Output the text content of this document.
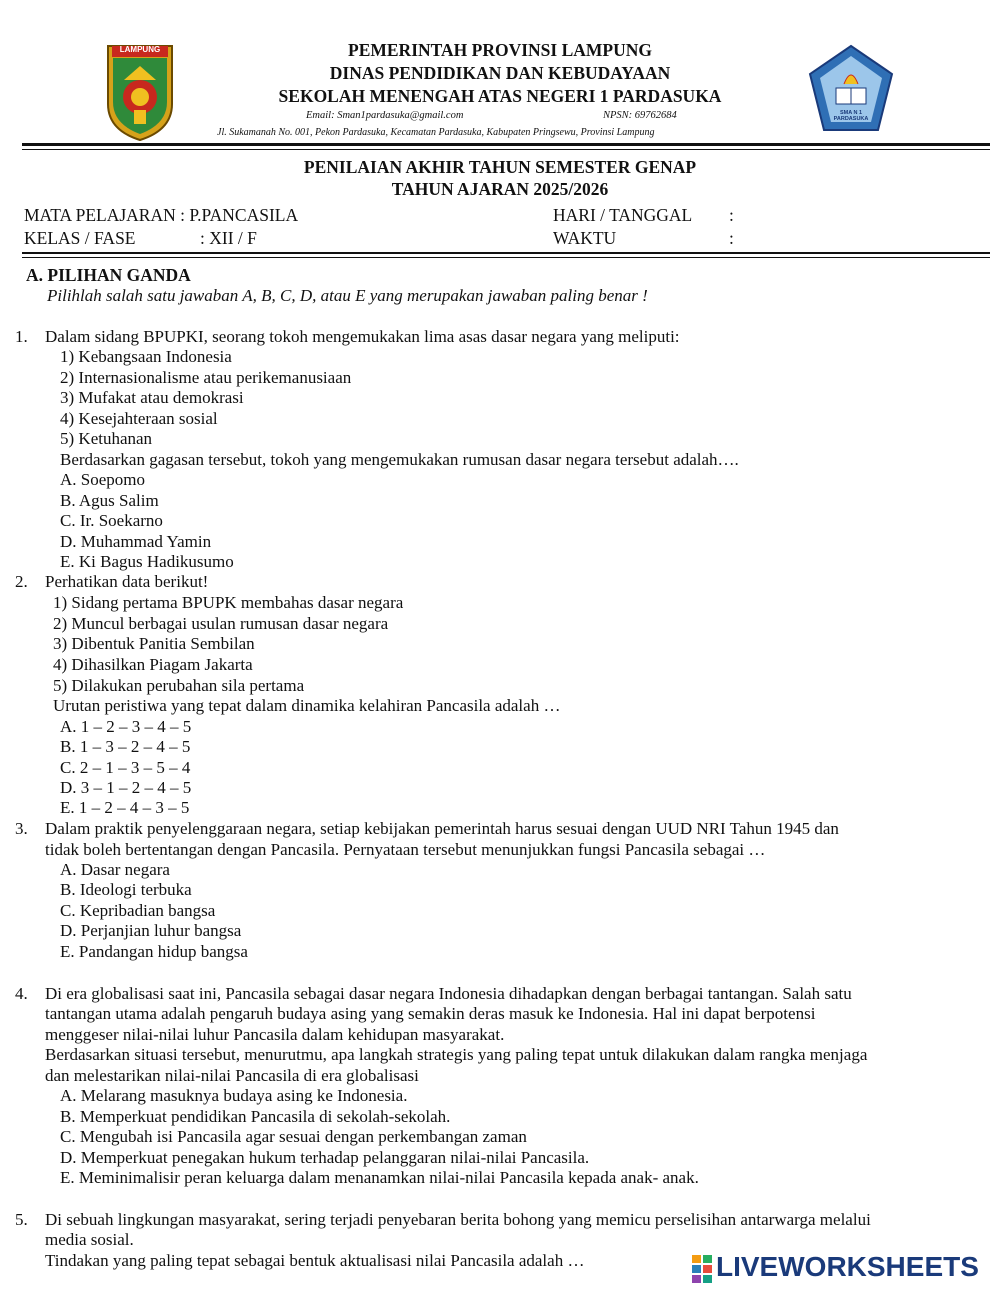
LAMPUNG
SMA N 1 PARDASUKA
PEMERINTAH PROVINSI LAMPUNG
DINAS PENDIDIKAN DAN KEBUDAYAAN
SEKOLAH MENENGAH ATAS NEGERI 1 PARDASUKA
Email: Sman1pardasuka@gmail.com	NPSN: 69762684
Jl. Sukamanah No. 001, Pekon Pardasuka, Kecamatan Pardasuka, Kabupaten Pringsewu, Provinsi Lampung
PENILAIAN AKHIR TAHUN SEMESTER GENAP
TAHUN AJARAN 2025/2026
MATA PELAJARAN : P.PANCASILA
KELAS / FASE	: XII / F
HARI / TANGGAL :
WAKTU	:
A. PILIHAN GANDA
Pilihlah salah satu jawaban A, B, C, D, atau E yang merupakan jawaban paling benar !
1. Dalam sidang BPUPKI, seorang tokoh mengemukakan lima asas dasar negara yang meliputi:
1) Kebangsaan Indonesia
2) Internasionalisme atau perikemanusiaan
3) Mufakat atau demokrasi
4) Kesejahteraan sosial
5) Ketuhanan
Berdasarkan gagasan tersebut, tokoh yang mengemukakan rumusan dasar negara tersebut adalah….
A. Soepomo
B. Agus Salim
C. Ir. Soekarno
D. Muhammad Yamin
E. Ki Bagus Hadikusumo
2. Perhatikan data berikut!
1) Sidang pertama BPUPK membahas dasar negara
2) Muncul berbagai usulan rumusan dasar negara
3) Dibentuk Panitia Sembilan
4) Dihasilkan Piagam Jakarta
5) Dilakukan perubahan sila pertama
Urutan peristiwa yang tepat dalam dinamika kelahiran Pancasila adalah …
A. 1 – 2 – 3 – 4 – 5
B. 1 – 3 – 2 – 4 – 5
C. 2 – 1 – 3 – 5 – 4
D. 3 – 1 – 2 – 4 – 5
E. 1 – 2 – 4 – 3 – 5
3. Dalam praktik penyelenggaraan negara, setiap kebijakan pemerintah harus sesuai dengan UUD NRI Tahun 1945 dan
tidak boleh bertentangan dengan Pancasila. Pernyataan tersebut menunjukkan fungsi Pancasila sebagai …
A. Dasar negara
B. Ideologi terbuka
C. Kepribadian bangsa
D. Perjanjian luhur bangsa
E. Pandangan hidup bangsa
4. Di era globalisasi saat ini, Pancasila sebagai dasar negara Indonesia dihadapkan dengan berbagai tantangan. Salah satu
tantangan utama adalah pengaruh budaya asing yang semakin deras masuk ke Indonesia. Hal ini dapat berpotensi
menggeser nilai-nilai luhur Pancasila dalam kehidupan masyarakat.
Berdasarkan situasi tersebut, menurutmu, apa langkah strategis yang paling tepat untuk dilakukan dalam rangka menjaga
dan melestarikan nilai-nilai Pancasila di era globalisasi
A. Melarang masuknya budaya asing ke Indonesia.
B. Memperkuat pendidikan Pancasila di sekolah-sekolah.
C. Mengubah isi Pancasila agar sesuai dengan perkembangan zaman
D. Memperkuat penegakan hukum terhadap pelanggaran nilai-nilai Pancasila.
E. Meminimalisir peran keluarga dalam menanamkan nilai-nilai Pancasila kepada anak- anak.
5. Di sebuah lingkungan masyarakat, sering terjadi penyebaran berita bohong yang memicu perselisihan antarwarga melalui
media sosial.
Tindakan yang paling tepat sebagai bentuk aktualisasi nilai Pancasila adalah …	LIVEWORKSHEETS
